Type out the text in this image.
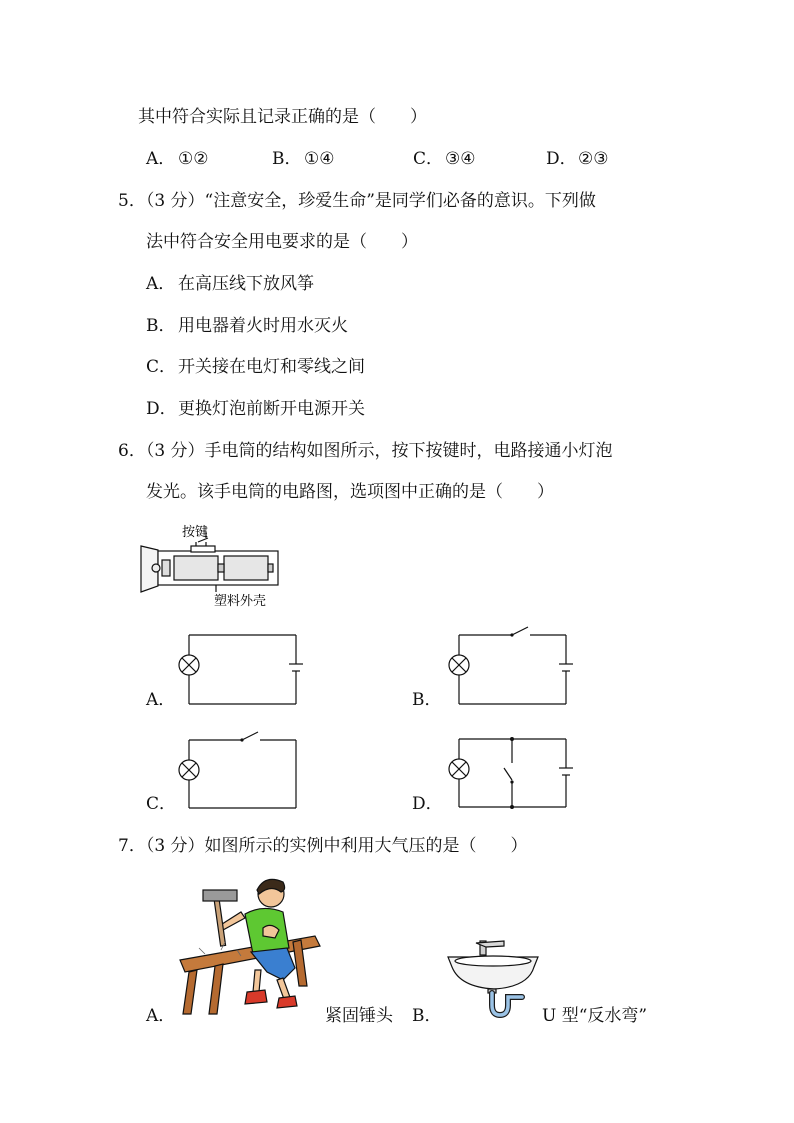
其中符合实际且记录正确的是（　　）
A． ①②	B． ①④	C． ③④	D． ②③
5．（3 分）“注意安全，珍爱生命”是同学们必备的意识。下列做
法中符合安全用电要求的是（　　）
A． 在高压线下放风筝
B． 用电器着火时用水灭火
C． 开关接在电灯和零线之间
D． 更换灯泡前断开电源开关
6．（3 分）手电筒的结构如图所示，按下按键时，电路接通小灯泡
发光。该手电筒的电路图，选项图中正确的是（　　）
按键
塑料外壳
A．	B．
C．	D．
7．（3 分）如图所示的实例中利用大气压的是（　　）
A．	紧固锤头 B．	U 型“反水弯”
